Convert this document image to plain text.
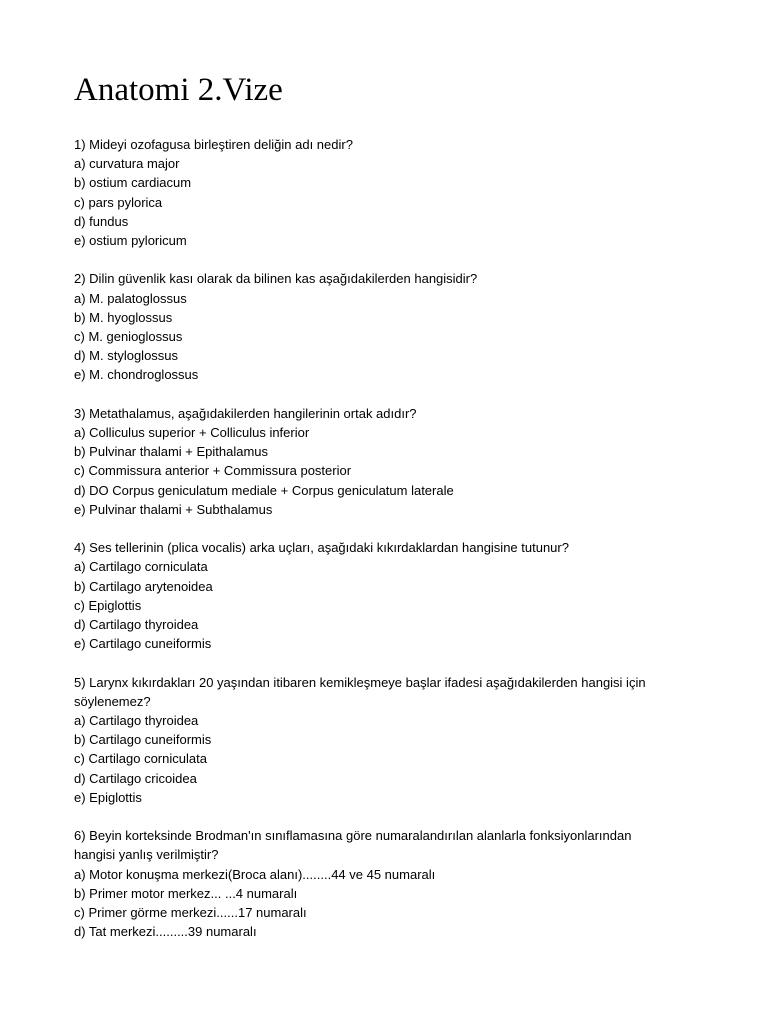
Anatomi 2.Vize
1) Mideyi ozofagusa birleştiren deliğin adı nedir?
a) curvatura major
b) ostium cardiacum
c) pars pylorica
d) fundus
e) ostium pyloricum
2) Dilin güvenlik kası olarak da bilinen kas aşağıdakilerden hangisidir?
a) M. palatoglossus
b) M. hyoglossus
c) M. genioglossus
d) M. styloglossus
e) M. chondroglossus
3) Metathalamus, aşağıdakilerden hangilerinin ortak adıdır?
a) Colliculus superior + Colliculus inferior
b) Pulvinar thalami + Epithalamus
c) Commissura anterior + Commissura posterior
d) DO Corpus geniculatum mediale + Corpus geniculatum laterale
e) Pulvinar thalami + Subthalamus
4) Ses tellerinin (plica vocalis) arka uçları, aşağıdaki kıkırdaklardan hangisine tutunur?
a) Cartilago corniculata
b) Cartilago arytenoidea
c) Epiglottis
d) Cartilago thyroidea
e) Cartilago cuneiformis
5) Larynx kıkırdakları 20 yaşından itibaren kemikleşmeye başlar ifadesi aşağıdakilerden hangisi için
söylenemez?
a) Cartilago thyroidea
b) Cartilago cuneiformis
c) Cartilago corniculata
d) Cartilago cricoidea
e) Epiglottis
6) Beyin korteksinde Brodman'ın sınıflamasına göre numaralandırılan alanlarla fonksiyonlarından
hangisi yanlış verilmiştir?
a) Motor konuşma merkezi(Broca alanı)........44 ve 45 numaralı
b) Primer motor merkez... ...4 numaralı
c) Primer görme merkezi......17 numaralı
d) Tat merkezi.........39 numaralı
